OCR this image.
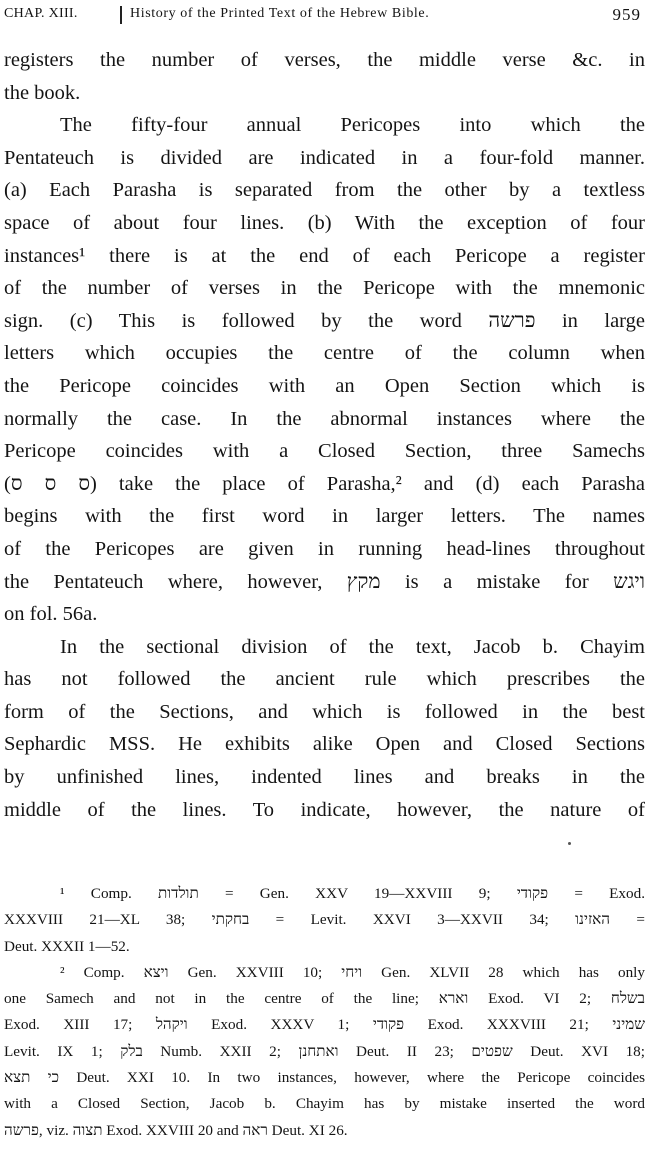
CHAP. XIII.	History of the Printed Text of the Hebrew Bible.	959
registers the number of verses, the middle verse &c. in
the book.
The fifty-four annual Pericopes into which the
Pentateuch is divided are indicated in a four-fold manner.
(a) Each Parasha is separated from the other by a textless
space of about four lines. (b) With the exception of four
instances¹ there is at the end of each Pericope a register
of the number of verses in the Pericope with the mnemonic
sign. (c) This is followed by the word פרשה in large
letters which occupies the centre of the column when
the Pericope coincides with an Open Section which is
normally the case. In the abnormal instances where the
Pericope coincides with a Closed Section, three Samechs
(ס ס ס) take the place of Parasha,² and (d) each Parasha
begins with the first word in larger letters. The names
of the Pericopes are given in running head-lines throughout
the Pentateuch where, however, מקץ is a mistake for ויגש
on fol. 56a.
In the sectional division of the text, Jacob b. Chayim
has not followed the ancient rule which prescribes the
form of the Sections, and which is followed in the best
Sephardic MSS. He exhibits alike Open and Closed Sections
by unfinished lines, indented lines and breaks in the
middle of the lines. To indicate, however, the nature of
¹ Comp. תולדות = Gen. XXV 19—XXVIII 9; פקודי = Exod.
XXXVIII 21—XL 38; בחקתי = Levit. XXVI 3—XXVII 34; האזינו =
Deut. XXXII 1—52.
² Comp. ויצא Gen. XXVIII 10; ויחי Gen. XLVII 28 which has only
one Samech and not in the centre of the line; וארא Exod. VI 2; בשלח
Exod. XIII 17; ויקהל Exod. XXXV 1; פקודי Exod. XXXVIII 21; שמיני
Levit. IX 1; בלק Numb. XXII 2; ואתחנן Deut. II 23; שפטים Deut. XVI 18;
כי תצא Deut. XXI 10. In two instances, however, where the Pericope coincides
with a Closed Section, Jacob b. Chayim has by mistake inserted the word
פרשה, viz. תצוה Exod. XXVIII 20 and ראה Deut. XI 26.
